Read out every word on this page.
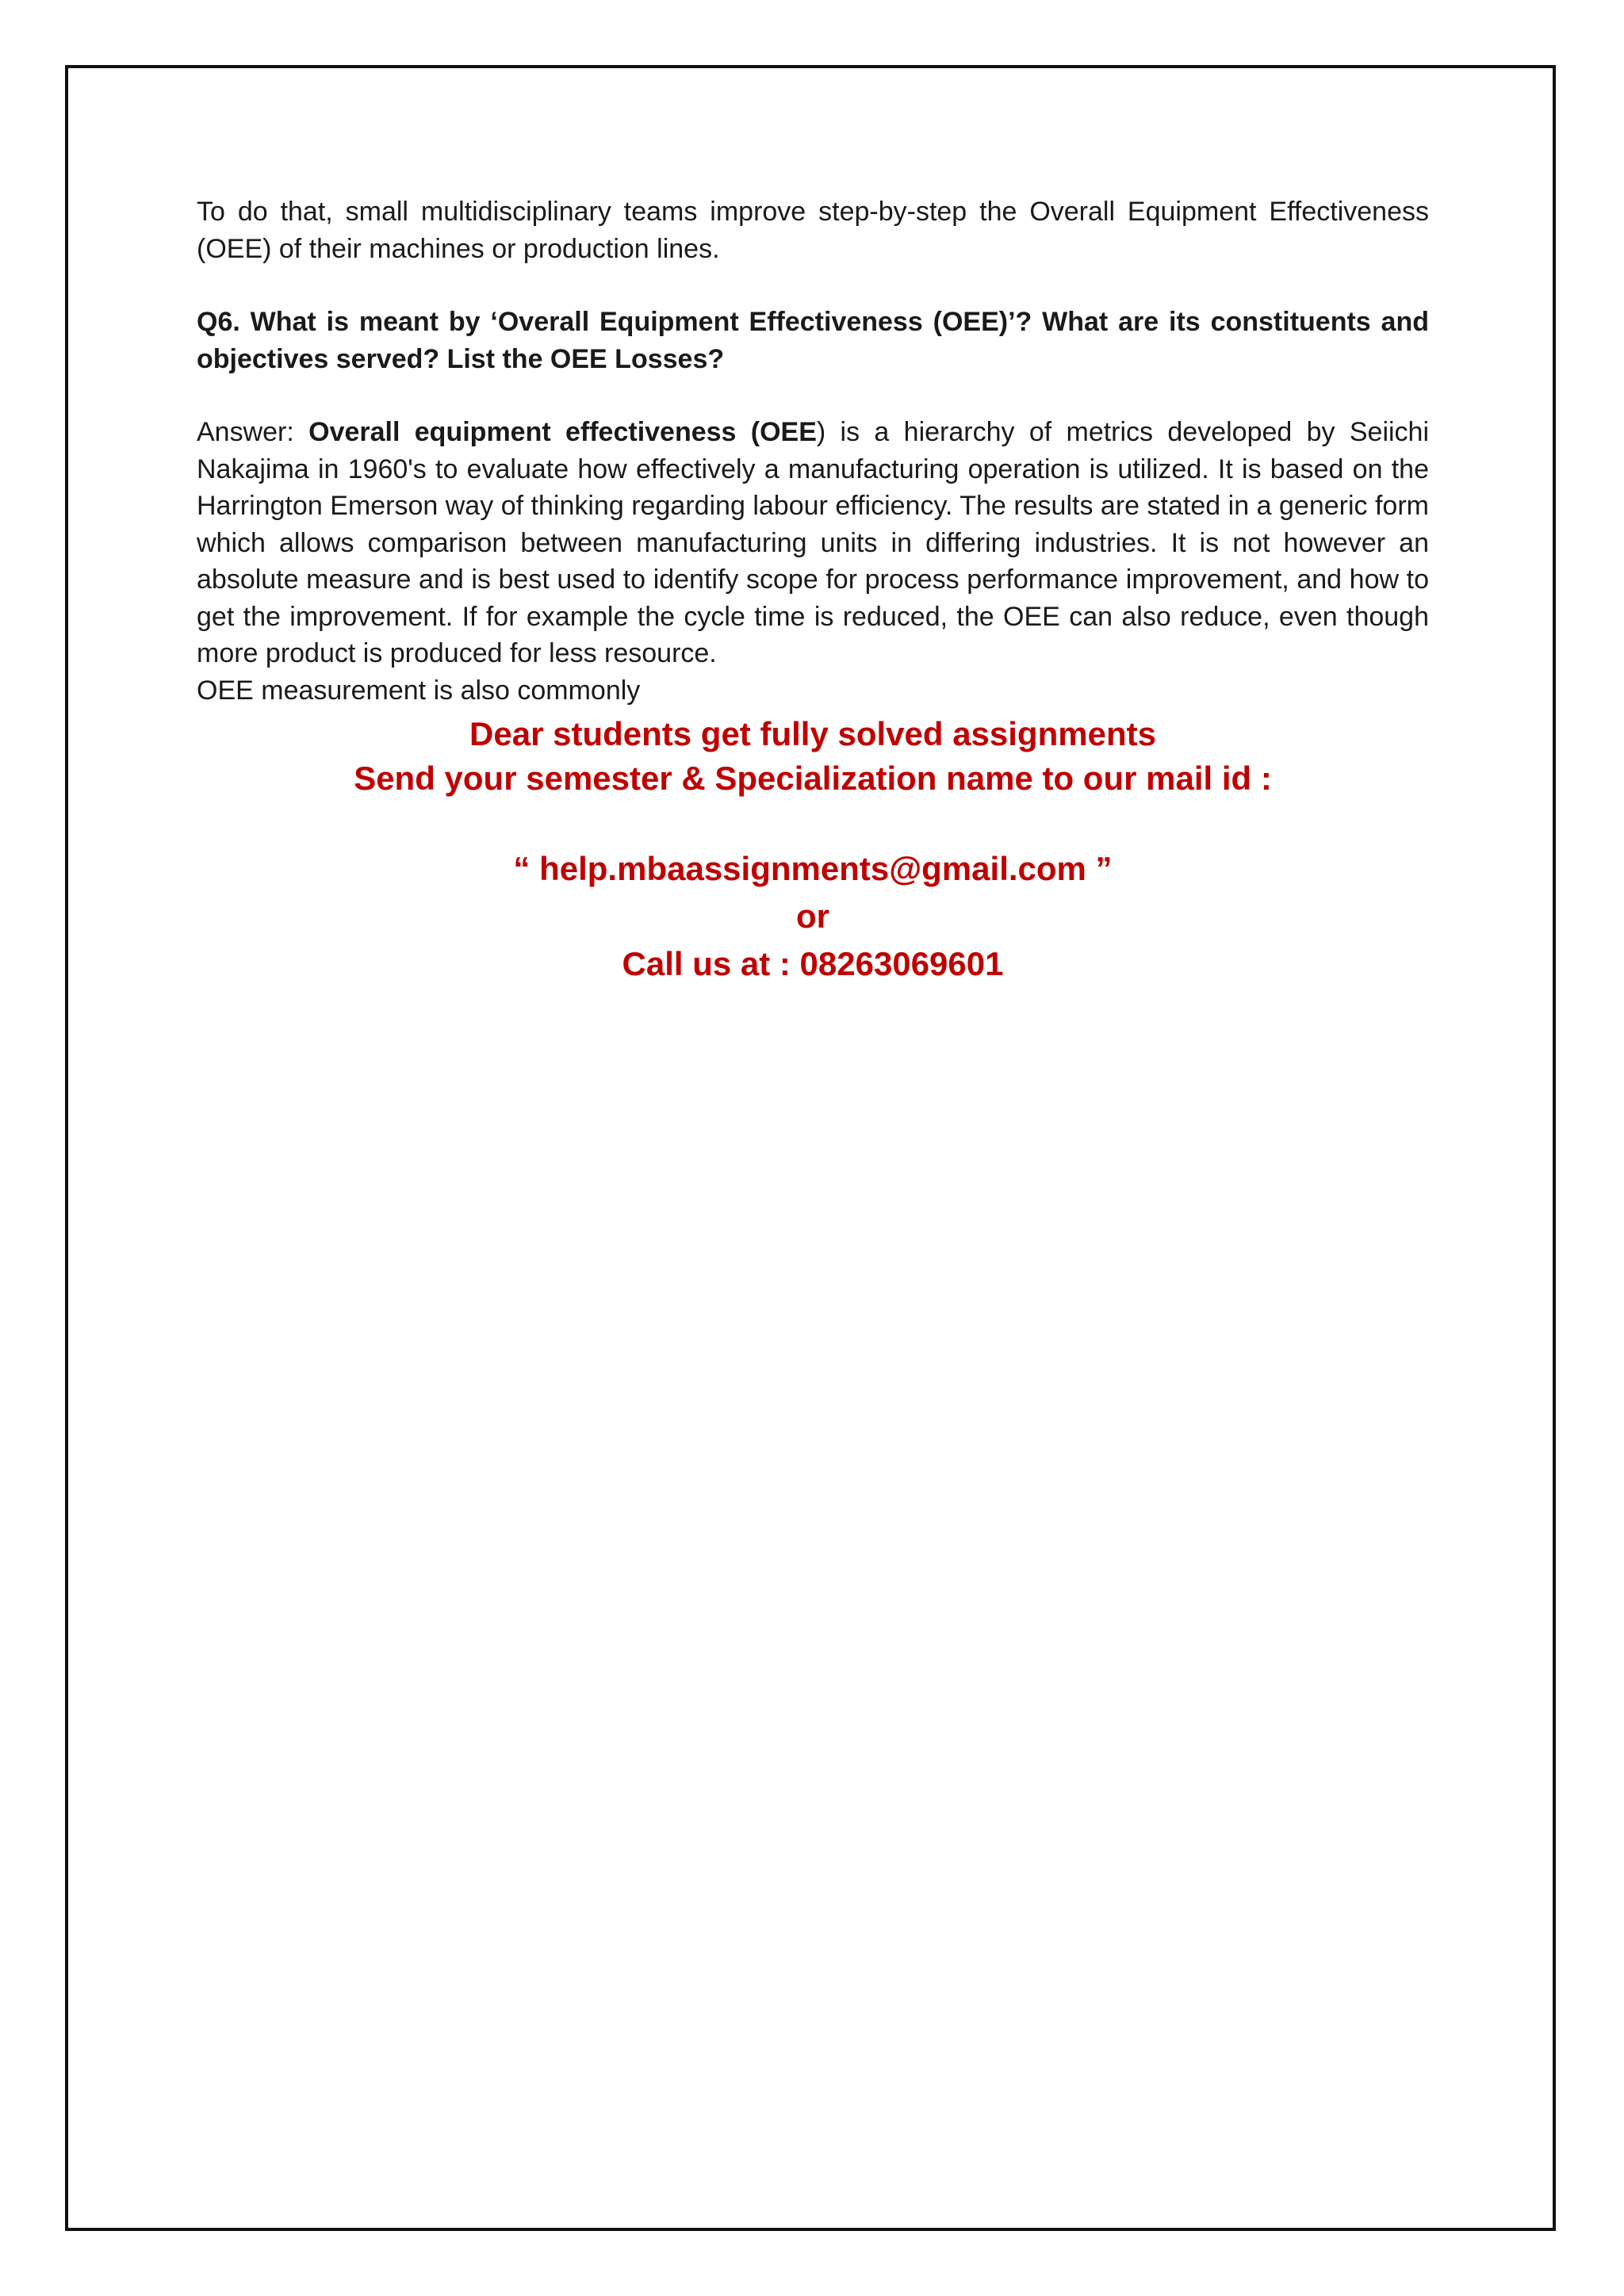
To do that, small multidisciplinary teams improve step-by-step the Overall Equipment Effectiveness (OEE) of their machines or production lines.

Q6. What is meant by ‘Overall Equipment Effectiveness (OEE)’? What are its constituents and objectives served? List the OEE Losses?

Answer: Overall equipment effectiveness (OEE) is a hierarchy of metrics developed by Seiichi Nakajima in 1960's to evaluate how effectively a manufacturing operation is utilized. It is based on the Harrington Emerson way of thinking regarding labour efficiency. The results are stated in a generic form which allows comparison between manufacturing units in differing industries. It is not however an absolute measure and is best used to identify scope for process performance improvement, and how to get the improvement. If for example the cycle time is reduced, the OEE can also reduce, even though more product is produced for less resource.

OEE measurement is also commonly

Dear students get fully solved assignments
Send your semester & Specialization name to our mail id :
“ help.mbaassignments@gmail.com ”
or
Call us at : 08263069601
